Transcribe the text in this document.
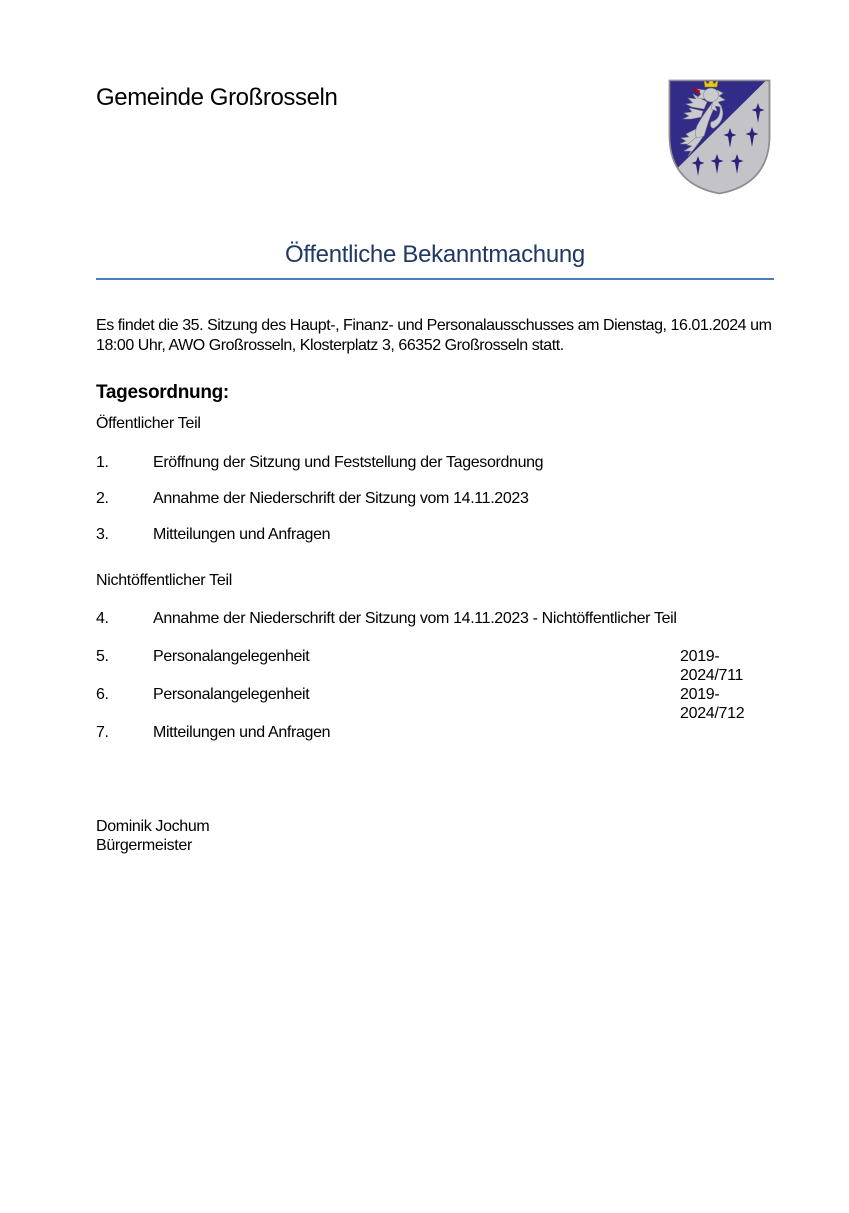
Gemeinde Großrosseln
Öffentliche Bekanntmachung

Es findet die 35. Sitzung des Haupt-, Finanz- und Personalausschusses am Dienstag, 16.01.2024 um 18:00 Uhr, AWO Großrosseln, Klosterplatz 3, 66352 Großrosseln statt.

Tagesordnung:
Öffentlicher Teil
1.	Eröffnung der Sitzung und Feststellung der Tagesordnung
2.	Annahme der Niederschrift der Sitzung vom 14.11.2023
3.	Mitteilungen und Anfragen
Nichtöffentlicher Teil
4.	Annahme der Niederschrift der Sitzung vom 14.11.2023 - Nichtöffentlicher Teil
5.	Personalangelegenheit	2019-2024/711
6.	Personalangelegenheit	2019-2024/712
7.	Mitteilungen und Anfragen
Dominik Jochum
Bürgermeister
